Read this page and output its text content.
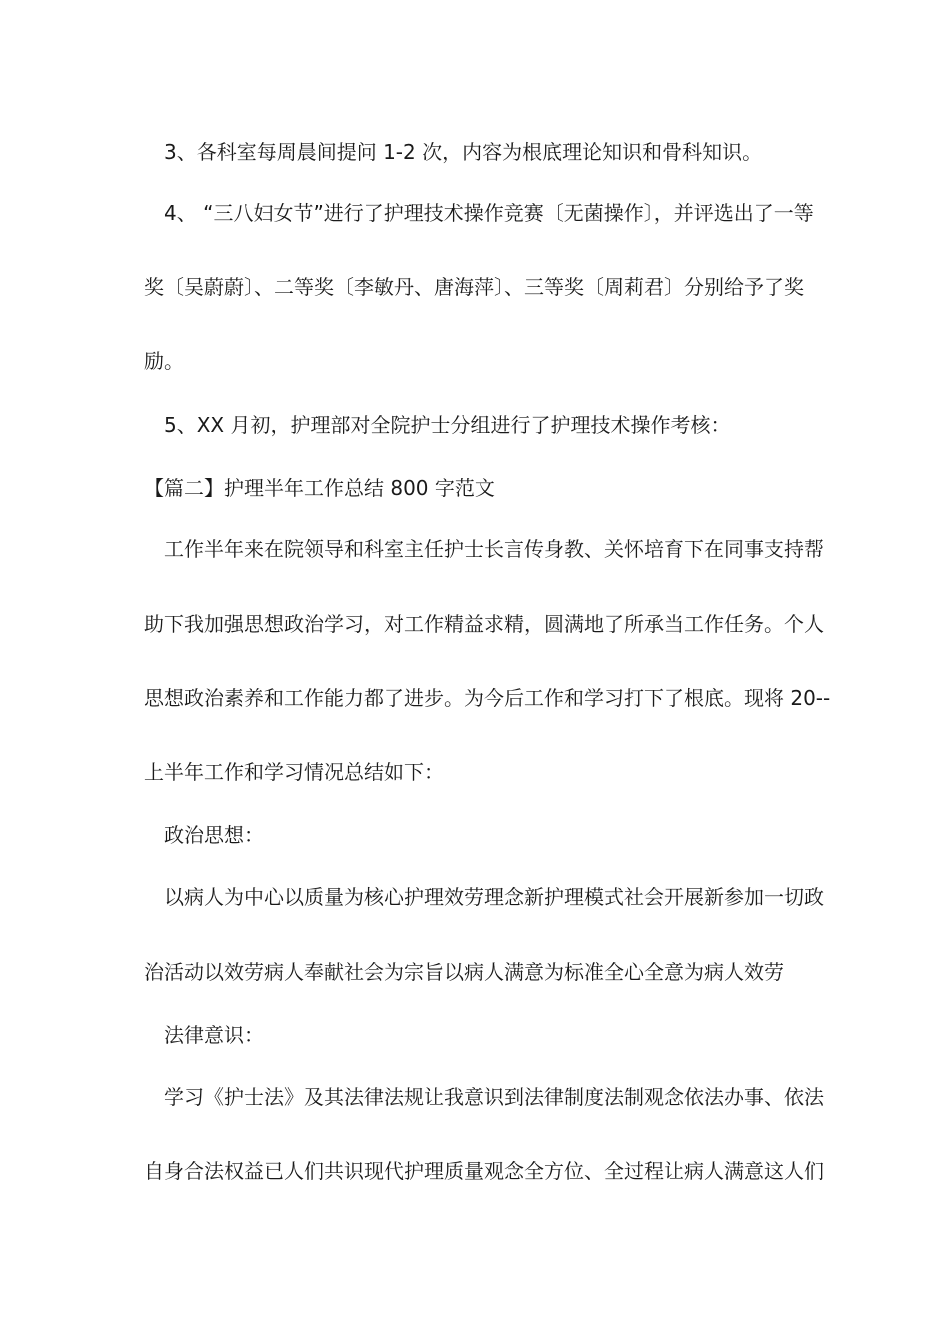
3、各科室每周晨间提问 1-2 次，内容为根底理论知识和骨科知识。
4、 “三八妇女节”进行了护理技术操作竞赛〔无菌操作〕，并评选出了一等
奖〔吴蔚蔚〕、二等奖〔李敏丹、唐海萍〕、三等奖〔周莉君〕分别给予了奖
励。
5、XX 月初，护理部对全院护士分组进行了护理技术操作考核：
【篇二】护理半年工作总结 800 字范文
工作半年来在院领导和科室主任护士长言传身教、关怀培育下在同事支持帮
助下我加强思想政治学习，对工作精益求精，圆满地了所承当工作任务。个人
思想政治素养和工作能力都了进步。为今后工作和学习打下了根底。现将 20--
上半年工作和学习情况总结如下：
政治思想：
以病人为中心以质量为核心护理效劳理念新护理模式社会开展新参加一切政
治活动以效劳病人奉献社会为宗旨以病人满意为标准全心全意为病人效劳
法律意识：
学习《护士法》及其法律法规让我意识到法律制度法制观念依法办事、依法
自身合法权益已人们共识现代护理质量观念全方位、全过程让病人满意这人们
